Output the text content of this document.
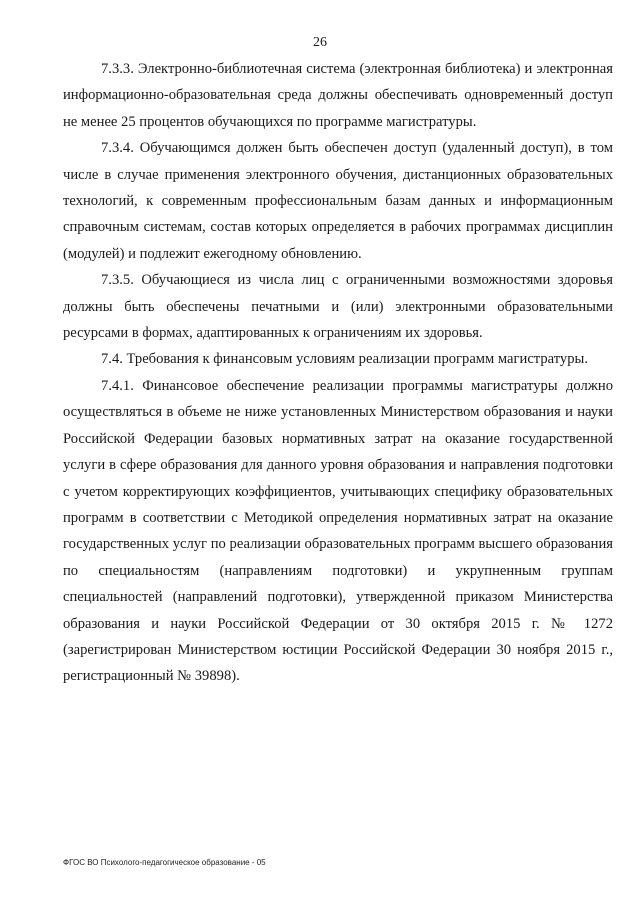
26

7.3.3. Электронно-библиотечная система (электронная библиотека) и электронная информационно-образовательная среда должны обеспечивать одновременный доступ не менее 25 процентов обучающихся по программе магистратуры.

7.3.4. Обучающимся должен быть обеспечен доступ (удаленный доступ), в том числе в случае применения электронного обучения, дистанционных образовательных технологий, к современным профессиональным базам данных и информационным справочным системам, состав которых определяется в рабочих программах дисциплин (модулей) и подлежит ежегодному обновлению.

7.3.5. Обучающиеся из числа лиц с ограниченными возможностями здоровья должны быть обеспечены печатными и (или) электронными образовательными ресурсами в формах, адаптированных к ограничениям их здоровья.

7.4. Требования к финансовым условиям реализации программ магистратуры.

7.4.1. Финансовое обеспечение реализации программы магистратуры должно осуществляться в объеме не ниже установленных Министерством образования и науки Российской Федерации базовых нормативных затрат на оказание государственной услуги в сфере образования для данного уровня образования и направления подготовки с учетом корректирующих коэффициентов, учитывающих специфику образовательных программ в соответствии с Методикой определения нормативных затрат на оказание государственных услуг по реализации образовательных программ высшего образования по специальностям (направлениям подготовки) и укрупненным группам специальностей (направлений подготовки), утвержденной приказом Министерства образования и науки Российской Федерации от 30 октября 2015 г. № 1272 (зарегистрирован Министерством юстиции Российской Федерации 30 ноября 2015 г., регистрационный № 39898).

ФГОС ВО Психолого-педагогическое образование - 05
